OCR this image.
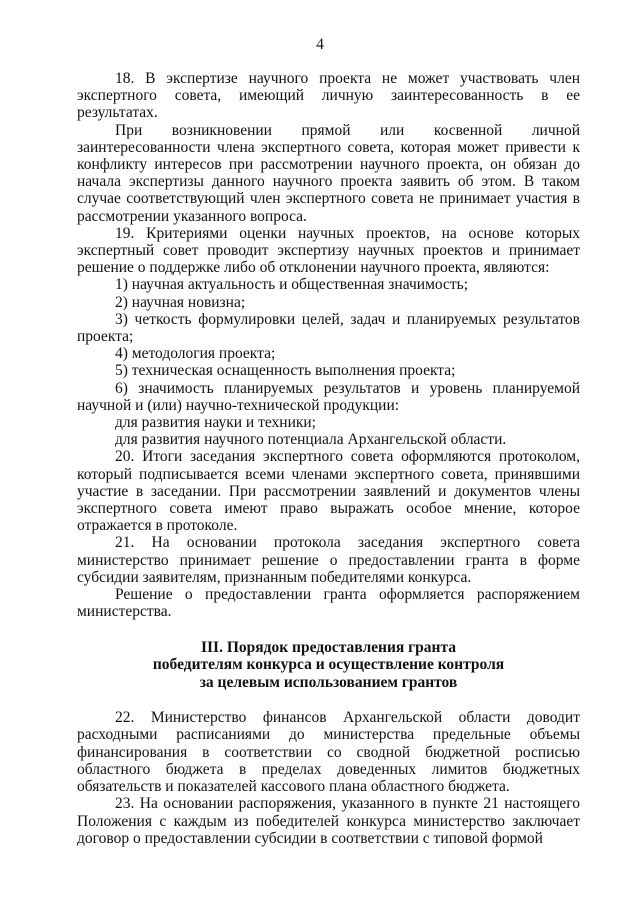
4

18. В экспертизе научного проекта не может участвовать член экспертного совета, имеющий личную заинтересованность в ее результатах.

При возникновении прямой или косвенной личной заинтересованности члена экспертного совета, которая может привести к конфликту интересов при рассмотрении научного проекта, он обязан до начала экспертизы данного научного проекта заявить об этом. В таком случае соответствующий член экспертного совета не принимает участия в рассмотрении указанного вопроса.

19. Критериями оценки научных проектов, на основе которых экспертный совет проводит экспертизу научных проектов и принимает решение о поддержке либо об отклонении научного проекта, являются:

1) научная актуальность и общественная значимость;

2) научная новизна;

3) четкость формулировки целей, задач и планируемых результатов проекта;

4) методология проекта;

5) техническая оснащенность выполнения проекта;

6) значимость планируемых результатов и уровень планируемой научной и (или) научно-технической продукции:

для развития науки и техники;

для развития научного потенциала Архангельской области.

20. Итоги заседания экспертного совета оформляются протоколом, который подписывается всеми членами экспертного совета, принявшими участие в заседании. При рассмотрении заявлений и документов члены экспертного совета имеют право выражать особое мнение, которое отражается в протоколе.

21. На основании протокола заседания экспертного совета министерство принимает решение о предоставлении гранта в форме субсидии заявителям, признанным победителями конкурса.

Решение о предоставлении гранта оформляется распоряжением министерства.

III. Порядок предоставления гранта
победителям конкурса и осуществление контроля
за целевым использованием грантов

22. Министерство финансов Архангельской области доводит расходными расписаниями до министерства предельные объемы финансирования в соответствии со сводной бюджетной росписью областного бюджета в пределах доведенных лимитов бюджетных обязательств и показателей кассового плана областного бюджета.

23. На основании распоряжения, указанного в пункте 21 настоящего Положения с каждым из победителей конкурса министерство заключает договор о предоставлении субсидии в соответствии с типовой формой
